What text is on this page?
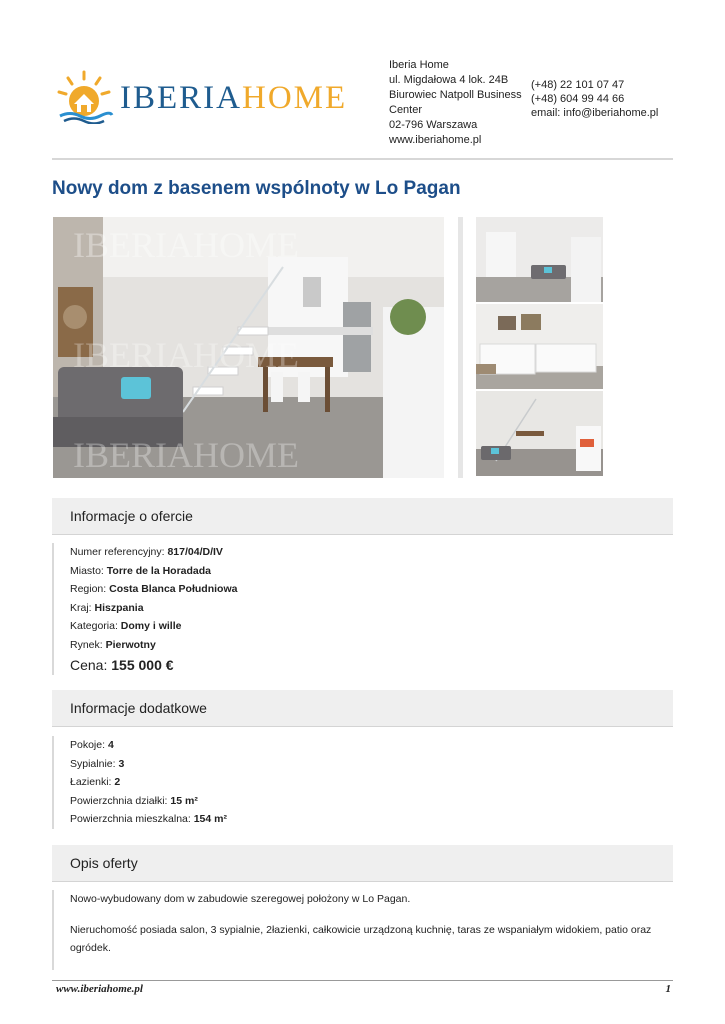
IBERIAHOME
Iberia Home
ul. Migdałowa 4 lok. 24B
Biurowiec Natpoll Business Center
02-796 Warszawa
www.iberiahome.pl
(+48) 22 101 07 47
(+48) 604 99 44 66
email: info@iberiahome.pl
Nowy dom z basenem wspólnoty w Lo Pagan
IBERIAHOME
IBERIAHOME
IBERIAHOME
Informacje o ofercie
Numer referencyjny: 817/04/D/IV
Miasto: Torre de la Horadada
Region: Costa Blanca Południowa
Kraj: Hiszpania
Kategoria: Domy i wille
Rynek: Pierwotny
Cena: 155 000 €
Informacje dodatkowe
Pokoje: 4
Sypialnie: 3
Łazienki: 2
Powierzchnia działki: 15 m²
Powierzchnia mieszkalna: 154 m²
Opis oferty

Nowo-wybudowany dom w zabudowie szeregowej położony w Lo Pagan.

Nieruchomość posiada salon, 3 sypialnie, 2łazienki, całkowicie urządzoną kuchnię, taras ze wspaniałym widokiem, patio oraz ogródek.

www.iberiahome.pl	1
